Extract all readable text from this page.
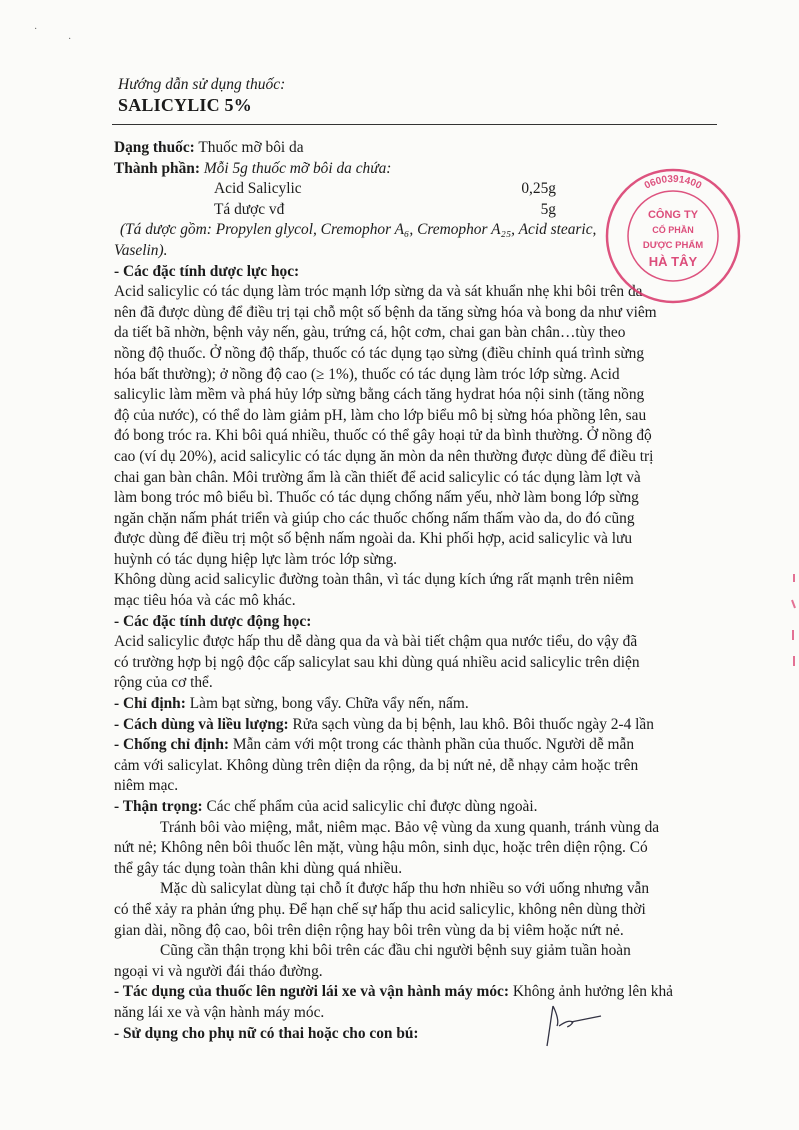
·
·
Hướng dẫn sử dụng thuốc:
SALICYLIC 5%
Dạng thuốc: Thuốc mỡ bôi da
Thành phần: Mỗi 5g thuốc mỡ bôi da chứa:
Acid Salicylic	0,25g
Tá dược vđ	5g
(Tá dược gồm: Propylen glycol, Cremophor A₆, Cremophor A₂₅, Acid stearic,
Vaselin).
- Các đặc tính dược lực học:
Acid salicylic có tác dụng làm tróc mạnh lớp sừng da và sát khuẩn nhẹ khi bôi trên da
nên đã được dùng để điều trị tại chỗ một số bệnh da tăng sừng hóa và bong da như viêm
da tiết bã nhờn, bệnh vảy nến, gàu, trứng cá, hột cơm, chai gan bàn chân…tùy theo
nồng độ thuốc. Ở nồng độ thấp, thuốc có tác dụng tạo sừng (điều chỉnh quá trình sừng
hóa bất thường); ở nồng độ cao (≥ 1%), thuốc có tác dụng làm tróc lớp sừng. Acid
salicylic làm mềm và phá hủy lớp sừng bằng cách tăng hydrat hóa nội sinh (tăng nồng
độ của nước), có thể do làm giảm pH, làm cho lớp biểu mô bị sừng hóa phồng lên, sau
đó bong tróc ra. Khi bôi quá nhiều, thuốc có thể gây hoại tử da bình thường. Ở nồng độ
cao (ví dụ 20%), acid salicylic có tác dụng ăn mòn da nên thường được dùng để điều trị
chai gan bàn chân. Môi trường ẩm là cần thiết để acid salicylic có tác dụng làm lợt và
làm bong tróc mô biểu bì. Thuốc có tác dụng chống nấm yếu, nhờ làm bong lớp sừng
ngăn chặn nấm phát triển và giúp cho các thuốc chống nấm thấm vào da, do đó cũng
được dùng để điều trị một số bệnh nấm ngoài da. Khi phối hợp, acid salicylic và lưu
huỳnh có tác dụng hiệp lực làm tróc lớp sừng.
Không dùng acid salicylic đường toàn thân, vì tác dụng kích ứng rất mạnh trên niêm
mạc tiêu hóa và các mô khác.
- Các đặc tính dược động học:
Acid salicylic được hấp thu dễ dàng qua da và bài tiết chậm qua nước tiểu, do vậy đã
có trường hợp bị ngộ độc cấp salicylat sau khi dùng quá nhiều acid salicylic trên diện
rộng của cơ thể.
- Chỉ định: Làm bạt sừng, bong vẩy. Chữa vẩy nến, nấm.
- Cách dùng và liều lượng: Rửa sạch vùng da bị bệnh, lau khô. Bôi thuốc ngày 2-4 lần
- Chống chỉ định: Mẫn cảm với một trong các thành phần của thuốc. Người dễ mẫn
cảm với salicylat. Không dùng trên diện da rộng, da bị nứt nẻ, dễ nhạy cảm hoặc trên
niêm mạc.
- Thận trọng: Các chế phẩm của acid salicylic chỉ được dùng ngoài.
Tránh bôi vào miệng, mắt, niêm mạc. Bảo vệ vùng da xung quanh, tránh vùng da
nứt nẻ; Không nên bôi thuốc lên mặt, vùng hậu môn, sinh dục, hoặc trên diện rộng. Có
thể gây tác dụng toàn thân khi dùng quá nhiều.
Mặc dù salicylat dùng tại chỗ ít được hấp thu hơn nhiều so với uống nhưng vẫn
có thể xảy ra phản ứng phụ. Để hạn chế sự hấp thu acid salicylic, không nên dùng thời
gian dài, nồng độ cao, bôi trên diện rộng hay bôi trên vùng da bị viêm hoặc nứt nẻ.
Cũng cần thận trọng khi bôi trên các đầu chi người bệnh suy giảm tuần hoàn
ngoại vi và người đái tháo đường.
- Tác dụng của thuốc lên người lái xe và vận hành máy móc: Không ảnh hưởng lên khả
năng lái xe và vận hành máy móc.
- Sử dụng cho phụ nữ có thai hoặc cho con bú:
0600391400
CÔNG TY
CỔ PHẦN
DƯỢC PHẨM
HÀ TÂY
